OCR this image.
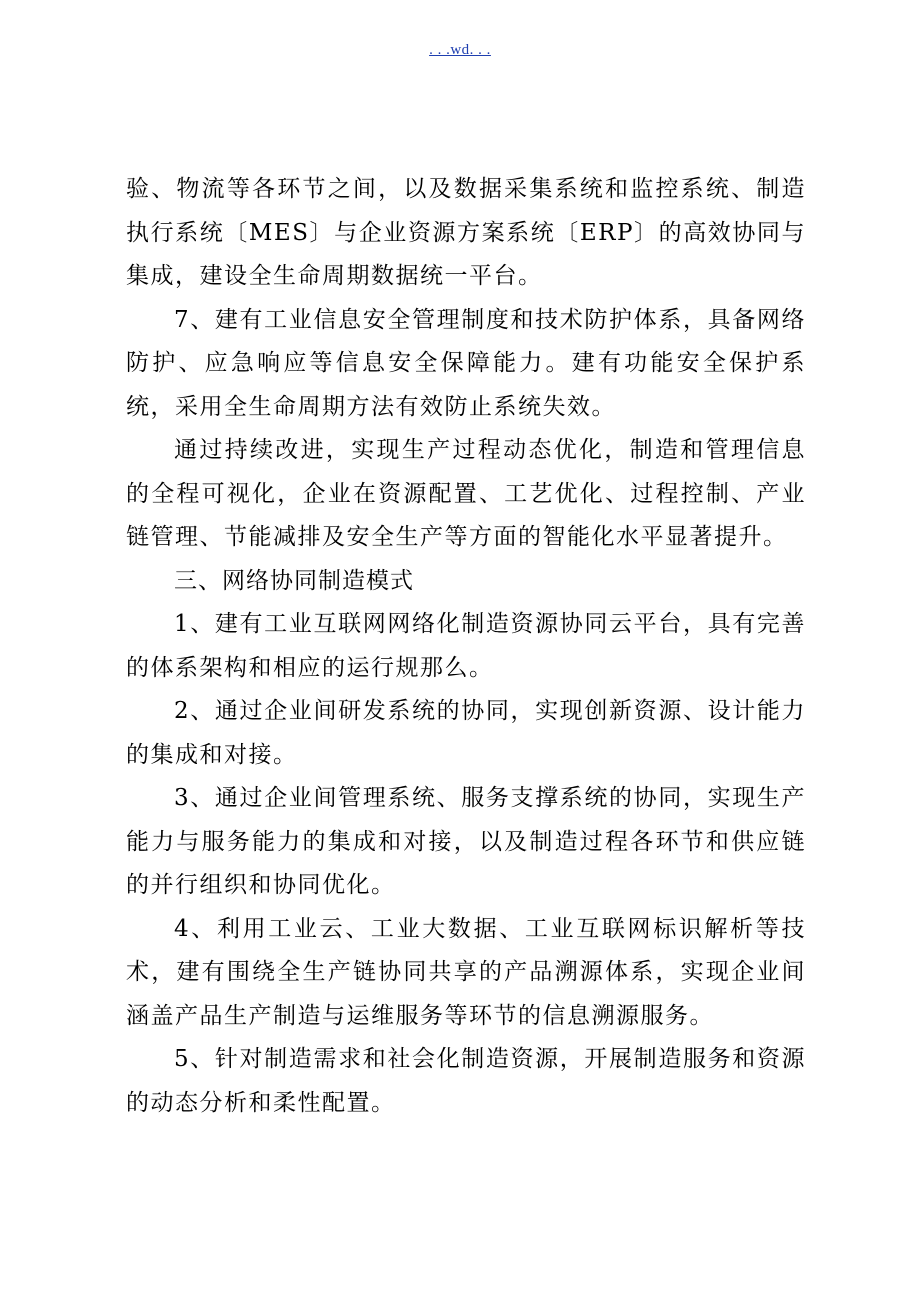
. . .wd. . .

验、物流等各环节之间，以及数据采集系统和监控系统、制造执行系统〔MES〕与企业资源方案系统〔ERP〕的高效协同与集成，建设全生命周期数据统一平台。

7、建有工业信息安全管理制度和技术防护体系，具备网络防护、应急响应等信息安全保障能力。建有功能安全保护系统，采用全生命周期方法有效防止系统失效。

通过持续改进，实现生产过程动态优化，制造和管理信息的全程可视化，企业在资源配置、工艺优化、过程控制、产业链管理、节能减排及安全生产等方面的智能化水平显著提升。

三、网络协同制造模式

1、建有工业互联网网络化制造资源协同云平台，具有完善的体系架构和相应的运行规那么。

2、通过企业间研发系统的协同，实现创新资源、设计能力的集成和对接。

3、通过企业间管理系统、服务支撑系统的协同，实现生产能力与服务能力的集成和对接，以及制造过程各环节和供应链的并行组织和协同优化。

4、利用工业云、工业大数据、工业互联网标识解析等技术，建有围绕全生产链协同共享的产品溯源体系，实现企业间涵盖产品生产制造与运维服务等环节的信息溯源服务。

5、针对制造需求和社会化制造资源，开展制造服务和资源的动态分析和柔性配置。
